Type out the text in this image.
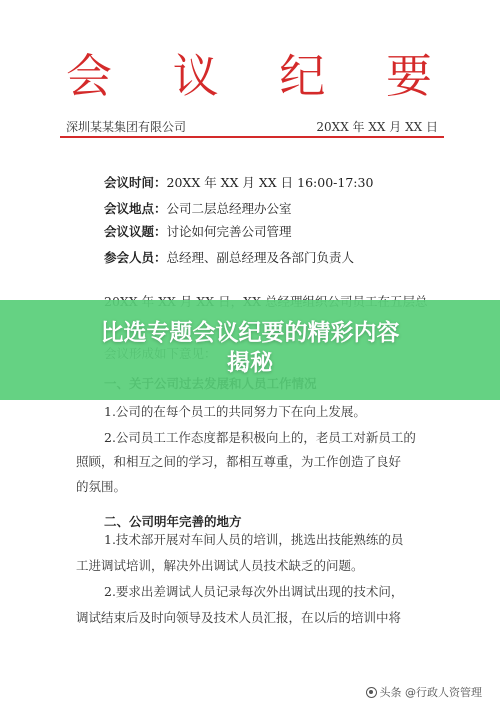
会 议 纪 要
深圳某某集团有限公司	20XX 年 XX 月 XX 日
会议时间：20XX 年 XX 月 XX 日 16:00-17:30
会议地点：公司二层总经理办公室
会议议题：讨论如何完善公司管理
参会人员：总经理、副总经理及各部门负责人
1.公司的在每个员工的共同努力下在向上发展。
2.公司员工工作态度都是积极向上的，老员工对新员工的
照顾，和相互之间的学习，都相互尊重，为工作创造了良好
的氛围。
二、公司明年完善的地方
1.技术部开展对车间人员的培训，挑选出技能熟练的员
工进调试培训，解决外出调试人员技术缺乏的问题。
2.要求出差调试人员记录每次外出调试出现的技术问，
调试结束后及时向领导及技术人员汇报，在以后的培训中将
比选专题会议纪要的精彩内容
揭秘
头条 @行政人资管理
